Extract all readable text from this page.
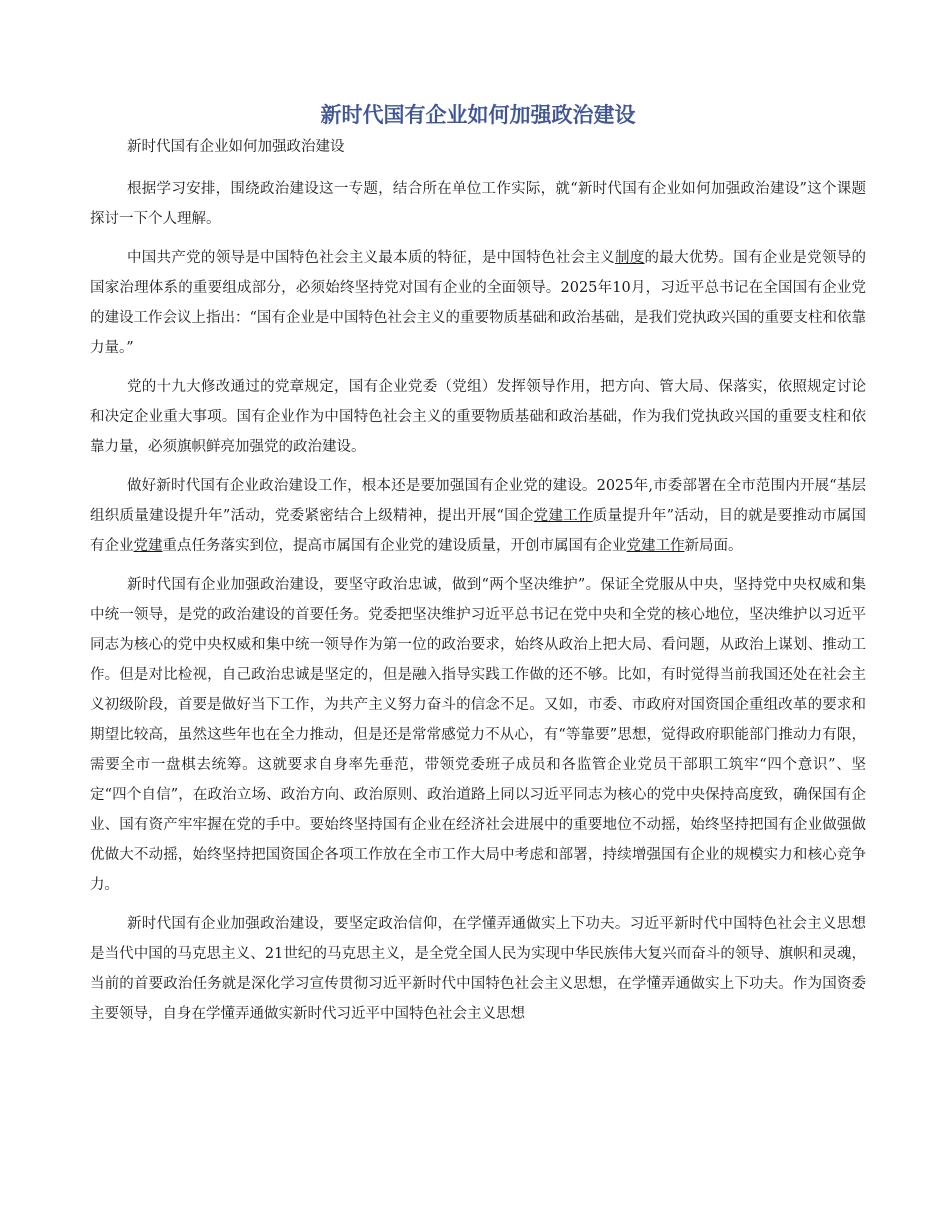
新时代国有企业如何加强政治建设

新时代国有企业如何加强政治建设

根据学习安排，围绕政治建设这一专题，结合所在单位工作实际，就“新时代国有企业如何加强政治建设”这个课题探讨一下个人理解。

中国共产党的领导是中国特色社会主义最本质的特征，是中国特色社会主义制度的最大优势。国有企业是党领导的国家治理体系的重要组成部分，必须始终坚持党对国有企业的全面领导。2025年10月，习近平总书记在全国国有企业党的建设工作会议上指出：“国有企业是中国特色社会主义的重要物质基础和政治基础，是我们党执政兴国的重要支柱和依靠力量。”

党的十九大修改通过的党章规定，国有企业党委（党组）发挥领导作用，把方向、管大局、保落实，依照规定讨论和决定企业重大事项。国有企业作为中国特色社会主义的重要物质基础和政治基础，作为我们党执政兴国的重要支柱和依靠力量，必须旗帜鲜亮加强党的政治建设。

做好新时代国有企业政治建设工作，根本还是要加强国有企业党的建设。2025年,市委部署在全市范围内开展“基层组织质量建设提升年”活动，党委紧密结合上级精神，提出开展“国企党建工作质量提升年”活动，目的就是要推动市属国有企业党建重点任务落实到位，提高市属国有企业党的建设质量，开创市属国有企业党建工作新局面。

新时代国有企业加强政治建设，要坚守政治忠诚，做到“两个坚决维护”。保证全党服从中央，坚持党中央权威和集中统一领导，是党的政治建设的首要任务。党委把坚决维护习近平总书记在党中央和全党的核心地位，坚决维护以习近平同志为核心的党中央权威和集中统一领导作为第一位的政治要求，始终从政治上把大局、看问题，从政治上谋划、推动工作。但是对比检视，自己政治忠诚是坚定的，但是融入指导实践工作做的还不够。比如，有时觉得当前我国还处在社会主义初级阶段，首要是做好当下工作，为共产主义努力奋斗的信念不足。又如，市委、市政府对国资国企重组改革的要求和期望比较高，虽然这些年也在全力推动，但是还是常常感觉力不从心，有“等靠要”思想，觉得政府职能部门推动力有限，需要全市一盘棋去统筹。这就要求自身率先垂范，带领党委班子成员和各监管企业党员干部职工筑牢“四个意识”、坚定“四个自信”，在政治立场、政治方向、政治原则、政治道路上同以习近平同志为核心的党中央保持高度致，确保国有企业、国有资产牢牢握在党的手中。要始终坚持国有企业在经济社会进展中的重要地位不动摇，始终坚持把国有企业做强做优做大不动摇，始终坚持把国资国企各项工作放在全市工作大局中考虑和部署，持续增强国有企业的规模实力和核心竞争力。

新时代国有企业加强政治建设，要坚定政治信仰，在学懂弄通做实上下功夫。习近平新时代中国特色社会主义思想是当代中国的马克思主义、21世纪的马克思主义，是全党全国人民为实现中华民族伟大复兴而奋斗的领导、旗帜和灵魂，当前的首要政治任务就是深化学习宣传贯彻习近平新时代中国特色社会主义思想，在学懂弄通做实上下功夫。作为国资委主要领导，自身在学懂弄通做实新时代习近平中国特色社会主义思想
